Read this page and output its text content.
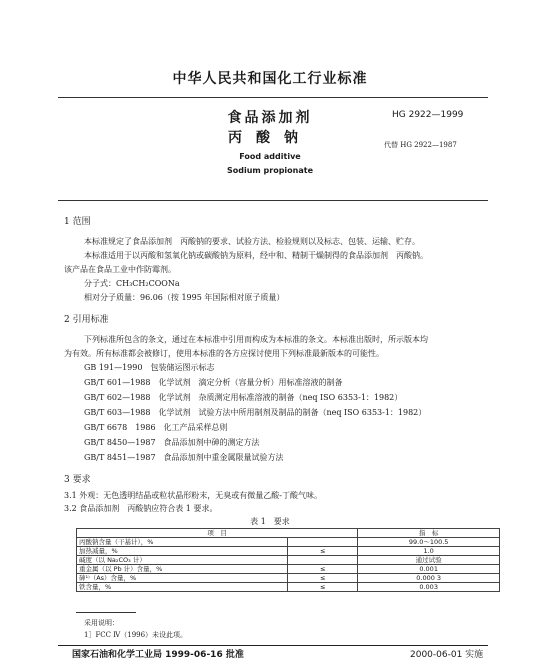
中华人民共和国化工行业标准
食品添加剂
丙酸钠
Food additive
Sodium propionate
HG 2922—1999
代替 HG 2922—1987
1 范围
本标准规定了食品添加剂　丙酸钠的要求、试验方法、检验规则以及标志、包装、运输、贮存。
本标准适用于以丙酸和氢氧化钠或碳酸钠为原料，经中和、精制干燥制得的食品添加剂　丙酸钠。
该产品在食品工业中作防霉剂。
分子式：CH₃CH₂COONa
相对分子质量：96.06（按 1995 年国际相对原子质量）
2 引用标准
下列标准所包含的条文，通过在本标准中引用而构成为本标准的条文。本标准出版时，所示版本均
为有效。所有标准都会被修订，使用本标准的各方应探讨使用下列标准最新版本的可能性。
GB 191—1990　包装储运图示标志
GB/T 601—1988　化学试剂　滴定分析（容量分析）用标准溶液的制备
GB/T 602—1988　化学试剂　杂质测定用标准溶液的制备（neq ISO 6353-1：1982）
GB/T 603—1988　化学试剂　试验方法中所用制剂及制品的制备（neq ISO 6353-1：1982）
GB/T 6678　1986　化工产品采样总则
GB/T 8450—1987　食品添加剂中砷的测定方法
GB/T 8451—1987　食品添加剂中重金属限量试验方法
3 要求
3.1 外观：无色透明结晶或粒状晶形粉末，无臭或有微量乙酸-丁酸气味。
3.2 食品添加剂　丙酸钠应符合表 1 要求。
表 1　要求
项　目		指　标
丙酸钠含量（干基计），%		99.0～100.5
加热减量，%	≤	1.0
碱度（以 Na₂CO₃ 计）		通过试验
重金属（以 Pb 计）含量，%	≤	0.001
砷¹⁾（As）含量，%	≤	0.000 3
铁含量，%	≤	0.003
采用说明：
1］FCC Ⅳ（1996）未设此项。
国家石油和化学工业局 1999-06-16 批准	2000-06-01 实施
